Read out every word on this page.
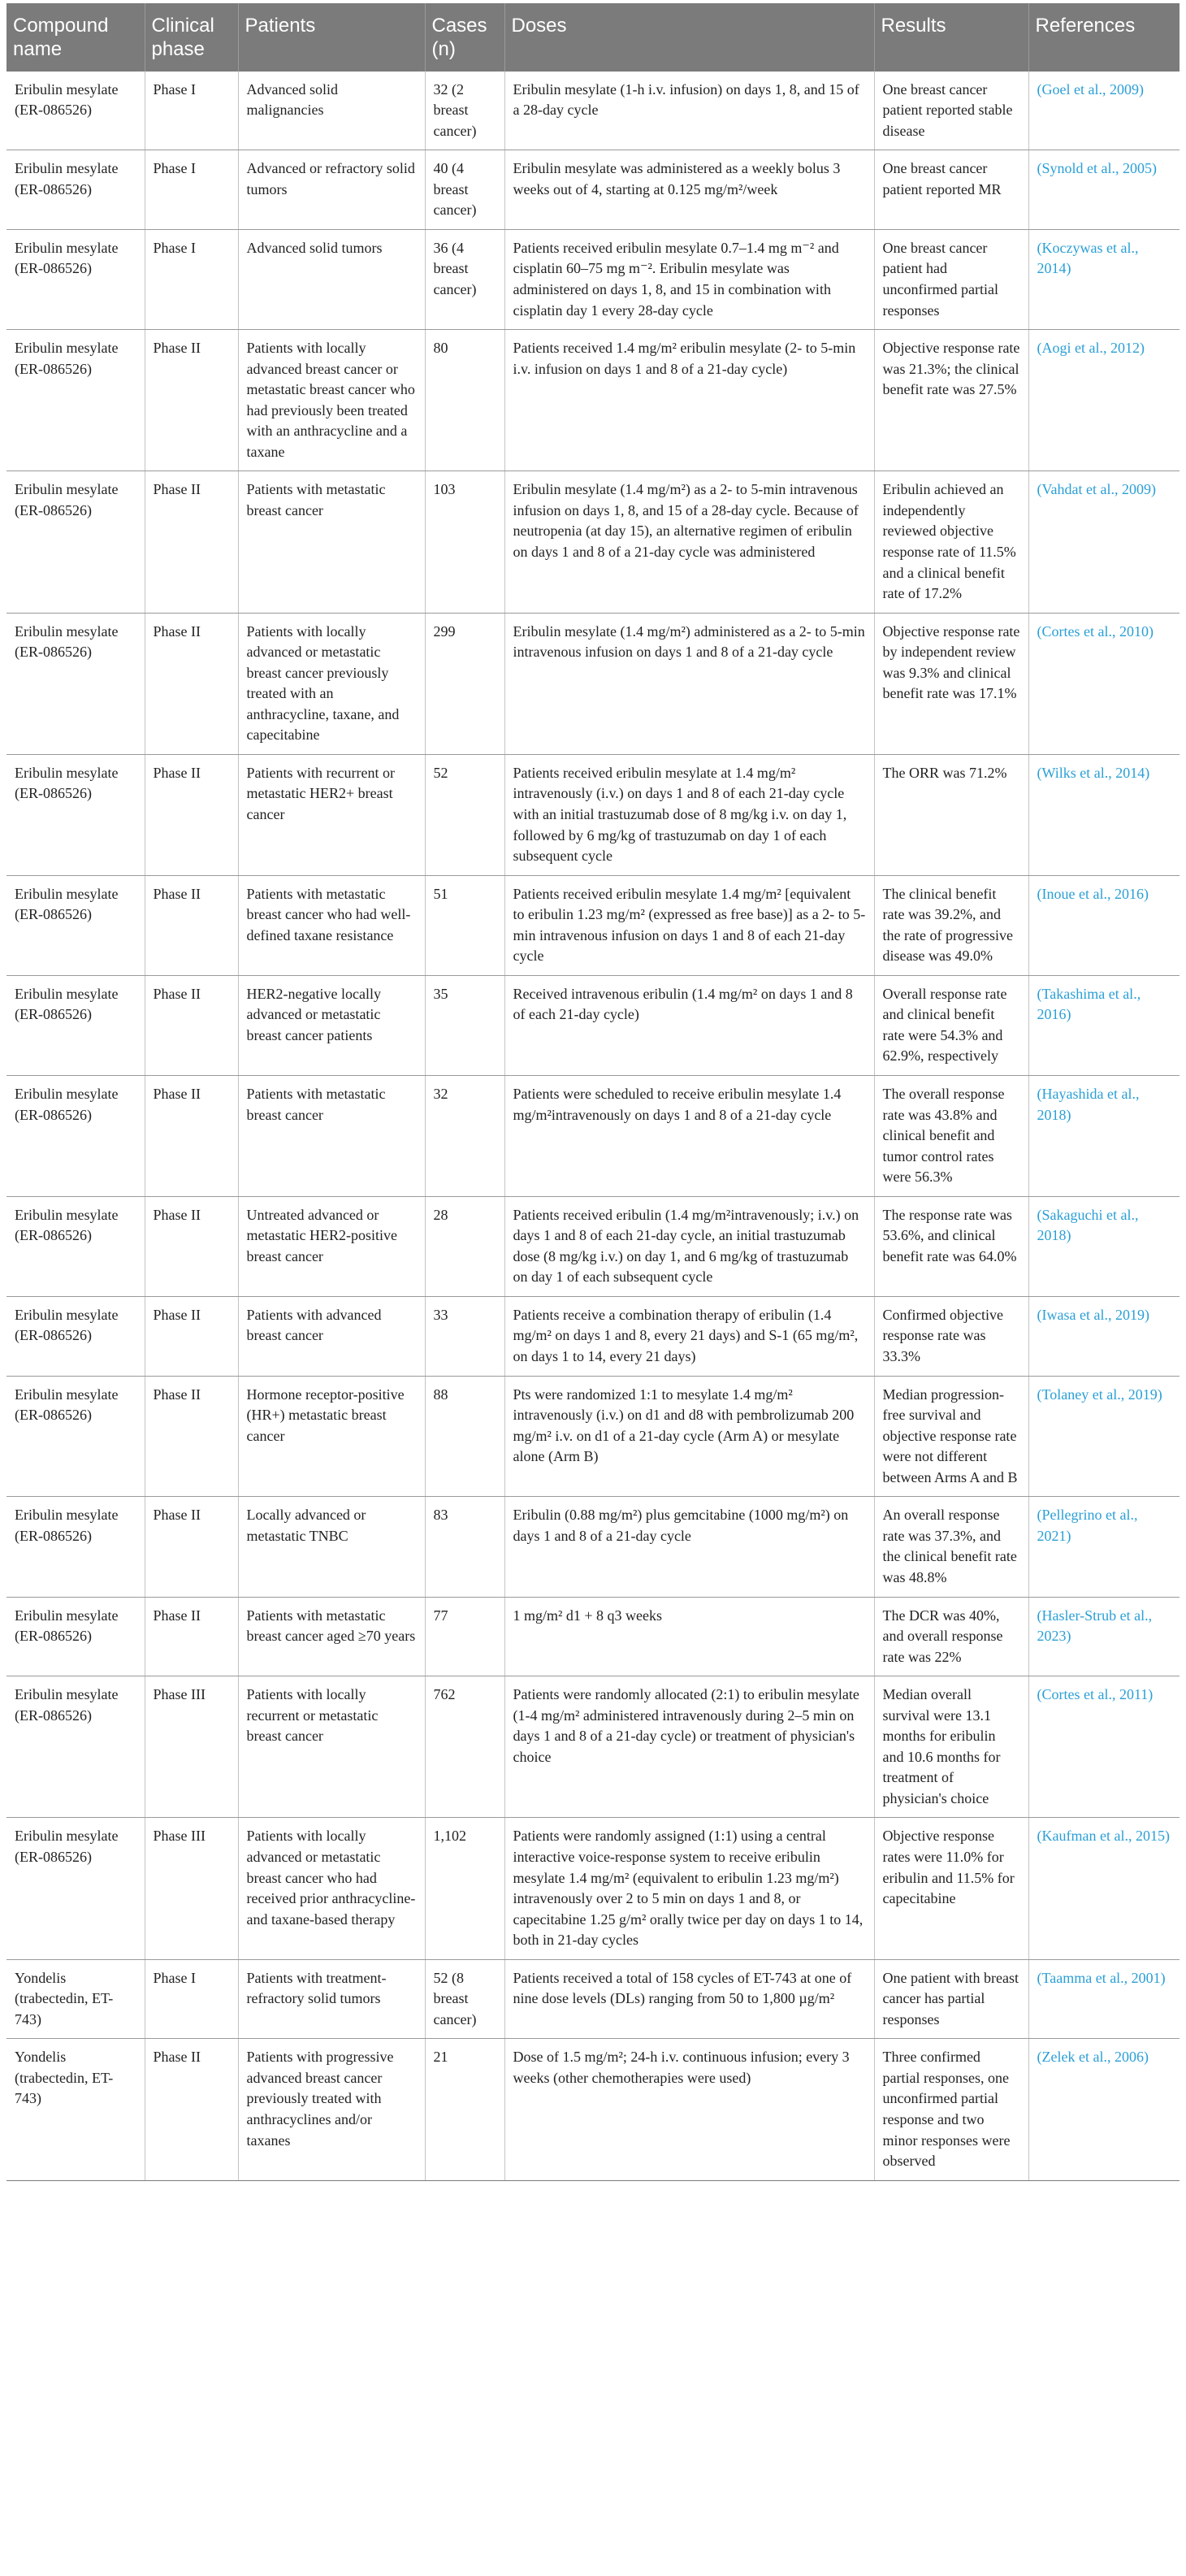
Compound name	Clinical phase	Patients	Cases (n)	Doses	Results	References
Eribulin mesylate (ER-086526)	Phase I	Advanced solid malignancies	32 (2 breast cancer)	Eribulin mesylate (1-h i.v. infusion) on days 1, 8, and 15 of a 28-day cycle	One breast cancer patient reported stable disease	(Goel et al., 2009)
Eribulin mesylate (ER-086526)	Phase I	Advanced or refractory solid tumors	40 (4 breast cancer)	Eribulin mesylate was administered as a weekly bolus 3 weeks out of 4, starting at 0.125 mg/m²/week	One breast cancer patient reported MR	(Synold et al., 2005)
Eribulin mesylate (ER-086526)	Phase I	Advanced solid tumors	36 (4 breast cancer)	Patients received eribulin mesylate 0.7–1.4 mg m⁻² and cisplatin 60–75 mg m⁻². Eribulin mesylate was administered on days 1, 8, and 15 in combination with cisplatin day 1 every 28-day cycle	One breast cancer patient had unconfirmed partial responses	(Koczywas et al., 2014)
Eribulin mesylate (ER-086526)	Phase II	Patients with locally advanced breast cancer or metastatic breast cancer who had previously been treated with an anthracycline and a taxane	80	Patients received 1.4 mg/m² eribulin mesylate (2- to 5-min i.v. infusion on days 1 and 8 of a 21-day cycle)	Objective response rate was 21.3%; the clinical benefit rate was 27.5%	(Aogi et al., 2012)
Eribulin mesylate (ER-086526)	Phase II	Patients with metastatic breast cancer	103	Eribulin mesylate (1.4 mg/m²) as a 2- to 5-min intravenous infusion on days 1, 8, and 15 of a 28-day cycle. Because of neutropenia (at day 15), an alternative regimen of eribulin on days 1 and 8 of a 21-day cycle was administered	Eribulin achieved an independently reviewed objective response rate of 11.5% and a clinical benefit rate of 17.2%	(Vahdat et al., 2009)
Eribulin mesylate (ER-086526)	Phase II	Patients with locally advanced or metastatic breast cancer previously treated with an anthracycline, taxane, and capecitabine	299	Eribulin mesylate (1.4 mg/m²) administered as a 2- to 5-min intravenous infusion on days 1 and 8 of a 21-day cycle	Objective response rate by independent review was 9.3% and clinical benefit rate was 17.1%	(Cortes et al., 2010)
Eribulin mesylate (ER-086526)	Phase II	Patients with recurrent or metastatic HER2+ breast cancer	52	Patients received eribulin mesylate at 1.4 mg/m² intravenously (i.v.) on days 1 and 8 of each 21-day cycle with an initial trastuzumab dose of 8 mg/kg i.v. on day 1, followed by 6 mg/kg of trastuzumab on day 1 of each subsequent cycle	The ORR was 71.2%	(Wilks et al., 2014)
Eribulin mesylate (ER-086526)	Phase II	Patients with metastatic breast cancer who had well-defined taxane resistance	51	Patients received eribulin mesylate 1.4 mg/m² [equivalent to eribulin 1.23 mg/m² (expressed as free base)] as a 2- to 5-min intravenous infusion on days 1 and 8 of each 21-day cycle	The clinical benefit rate was 39.2%, and the rate of progressive disease was 49.0%	(Inoue et al., 2016)
Eribulin mesylate (ER-086526)	Phase II	HER2-negative locally advanced or metastatic breast cancer patients	35	Received intravenous eribulin (1.4 mg/m² on days 1 and 8 of each 21-day cycle)	Overall response rate and clinical benefit rate were 54.3% and 62.9%, respectively	(Takashima et al., 2016)
Eribulin mesylate (ER-086526)	Phase II	Patients with metastatic breast cancer	32	Patients were scheduled to receive eribulin mesylate 1.4 mg/m²intravenously on days 1 and 8 of a 21-day cycle	The overall response rate was 43.8% and clinical benefit and tumor control rates were 56.3%	(Hayashida et al., 2018)
Eribulin mesylate (ER-086526)	Phase II	Untreated advanced or metastatic HER2-positive breast cancer	28	Patients received eribulin (1.4 mg/m²intravenously; i.v.) on days 1 and 8 of each 21-day cycle, an initial trastuzumab dose (8 mg/kg i.v.) on day 1, and 6 mg/kg of trastuzumab on day 1 of each subsequent cycle	The response rate was 53.6%, and clinical benefit rate was 64.0%	(Sakaguchi et al., 2018)
Eribulin mesylate (ER-086526)	Phase II	Patients with advanced breast cancer	33	Patients receive a combination therapy of eribulin (1.4 mg/m² on days 1 and 8, every 21 days) and S-1 (65 mg/m², on days 1 to 14, every 21 days)	Confirmed objective response rate was 33.3%	(Iwasa et al., 2019)
Eribulin mesylate (ER-086526)	Phase II	Hormone receptor-positive (HR+) metastatic breast cancer	88	Pts were randomized 1:1 to mesylate 1.4 mg/m² intravenously (i.v.) on d1 and d8 with pembrolizumab 200 mg/m² i.v. on d1 of a 21-day cycle (Arm A) or mesylate alone (Arm B)	Median progression-free survival and objective response rate were not different between Arms A and B	(Tolaney et al., 2019)
Eribulin mesylate (ER-086526)	Phase II	Locally advanced or metastatic TNBC	83	Eribulin (0.88 mg/m²) plus gemcitabine (1000 mg/m²) on days 1 and 8 of a 21-day cycle	An overall response rate was 37.3%, and the clinical benefit rate was 48.8%	(Pellegrino et al., 2021)
Eribulin mesylate (ER-086526)	Phase II	Patients with metastatic breast cancer aged ≥70 years	77	1 mg/m² d1 + 8 q3 weeks	The DCR was 40%, and overall response rate was 22%	(Hasler-Strub et al., 2023)
Eribulin mesylate (ER-086526)	Phase III	Patients with locally recurrent or metastatic breast cancer	762	Patients were randomly allocated (2:1) to eribulin mesylate (1-4 mg/m² administered intravenously during 2–5 min on days 1 and 8 of a 21-day cycle) or treatment of physician's choice	Median overall survival were 13.1 months for eribulin and 10.6 months for treatment of physician's choice	(Cortes et al., 2011)
Eribulin mesylate (ER-086526)	Phase III	Patients with locally advanced or metastatic breast cancer who had received prior anthracycline- and taxane-based therapy	1,102	Patients were randomly assigned (1:1) using a central interactive voice-response system to receive eribulin mesylate 1.4 mg/m² (equivalent to eribulin 1.23 mg/m²) intravenously over 2 to 5 min on days 1 and 8, or capecitabine 1.25 g/m² orally twice per day on days 1 to 14, both in 21-day cycles	Objective response rates were 11.0% for eribulin and 11.5% for capecitabine	(Kaufman et al., 2015)
Yondelis (trabectedin, ET-743)	Phase I	Patients with treatment-refractory solid tumors	52 (8 breast cancer)	Patients received a total of 158 cycles of ET-743 at one of nine dose levels (DLs) ranging from 50 to 1,800 µg/m²	One patient with breast cancer has partial responses	(Taamma et al., 2001)
Yondelis (trabectedin, ET-743)	Phase II	Patients with progressive advanced breast cancer previously treated with anthracyclines and/or taxanes	21	Dose of 1.5 mg/m²; 24-h i.v. continuous infusion; every 3 weeks (other chemotherapies were used)	Three confirmed partial responses, one unconfirmed partial response and two minor responses were observed	(Zelek et al., 2006)
